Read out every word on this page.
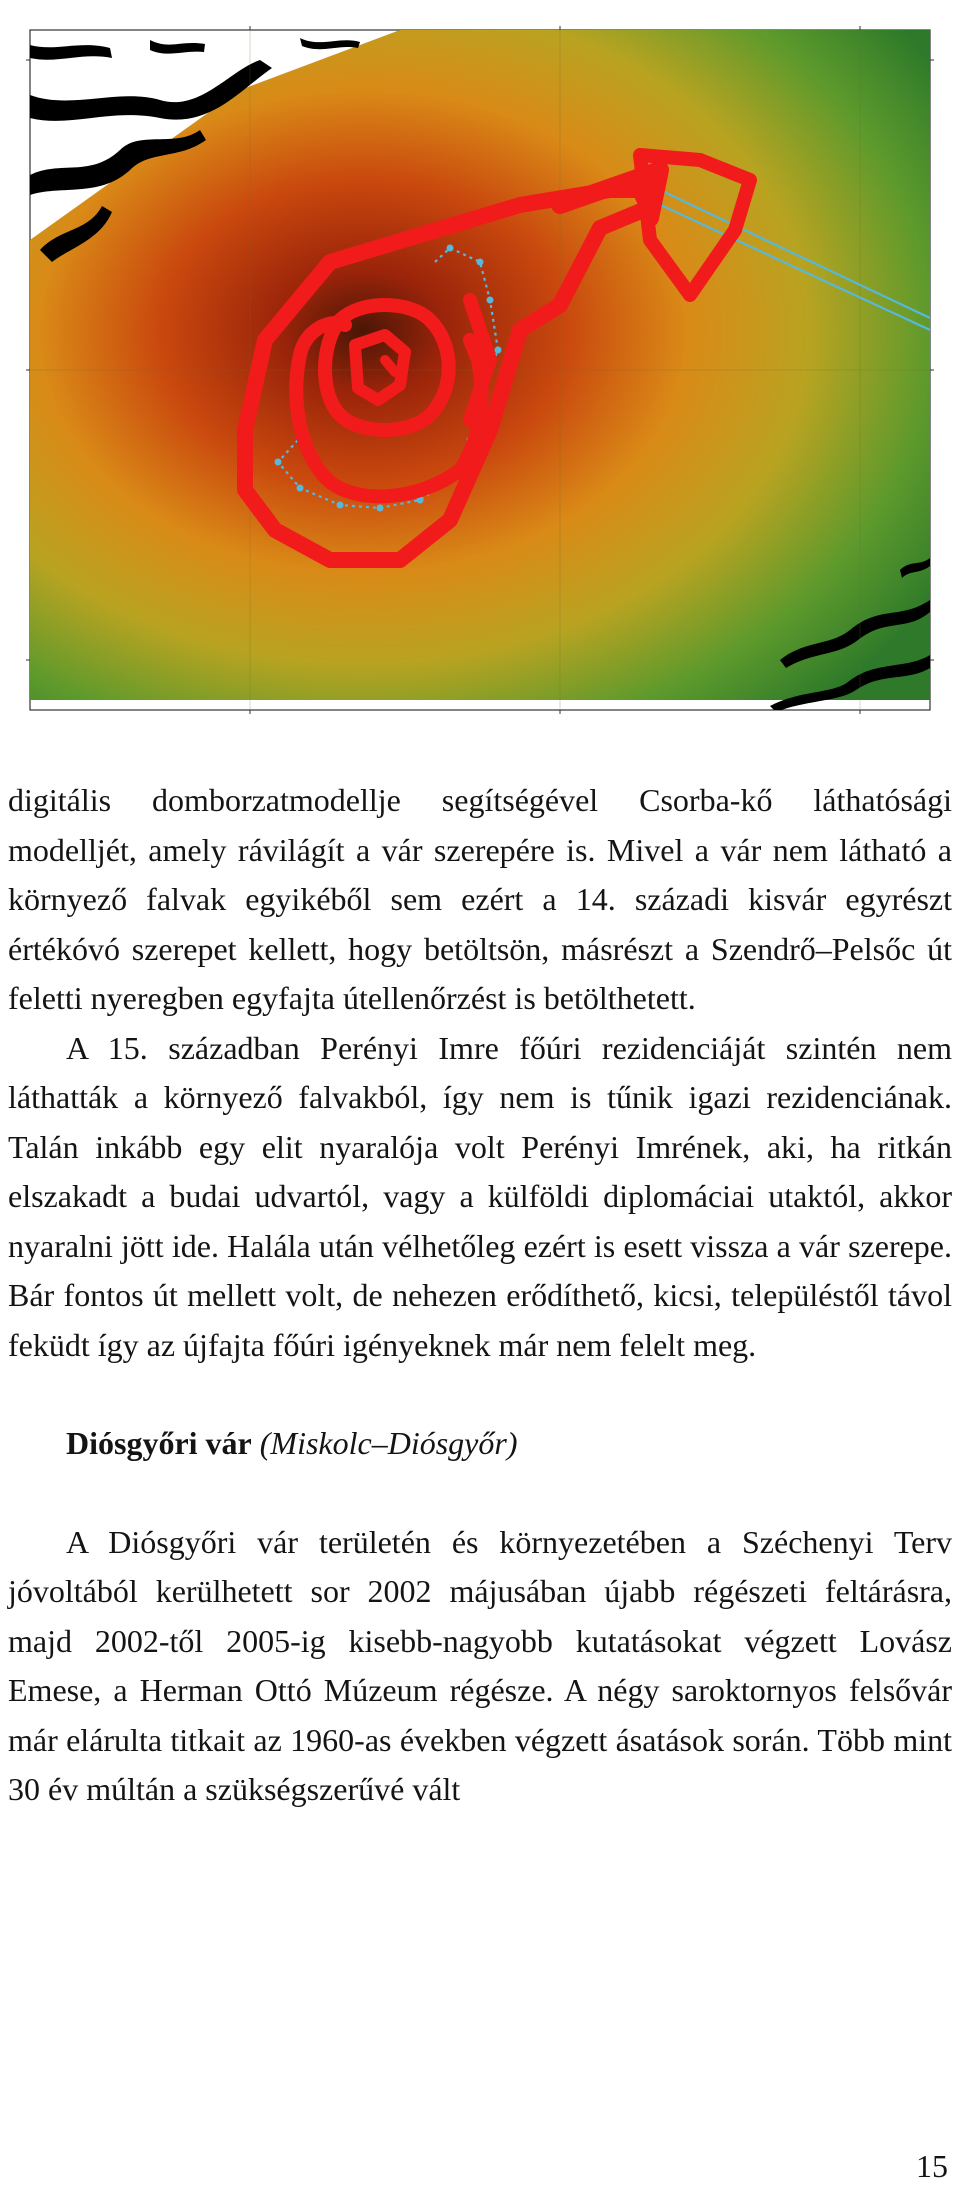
digitális domborzatmodellje segítségével Csorba-kő láthatósági modelljét, amely rávilágít a vár szerepére is. Mivel a vár nem látható a környező falvak egyikéből sem ezért a 14. századi kisvár egyrészt értékóvó szerepet kellett, hogy betöltsön, másrészt a Szendrő–Pelsőc út feletti nyeregben egyfajta útellenőrzést is betölthetett.

A 15. században Perényi Imre főúri rezidenciáját szintén nem láthatták a környező falvakból, így nem is tűnik igazi rezidenciának. Talán inkább egy elit nyaralója volt Perényi Imrének, aki, ha ritkán elszakadt a budai udvartól, vagy a külföldi diplomáciai utaktól, akkor nyaralni jött ide. Halála után vélhetőleg ezért is esett vissza a vár szerepe. Bár fontos út mellett volt, de nehezen erődíthető, kicsi, településtől távol feküdt így az újfajta főúri igényeknek már nem felelt meg.

Diósgyőri vár (Miskolc–Diósgyőr)

A Diósgyőri vár területén és környezetében a Széchenyi Terv jóvoltából kerülhetett sor 2002 májusában újabb régészeti feltárásra, majd 2002-től 2005-ig kisebb-nagyobb kutatásokat végzett Lovász Emese, a Herman Ottó Múzeum régésze. A négy saroktornyos felsővár már elárulta titkait az 1960-as években végzett ásatások során. Több mint 30 év múltán a szükségszerűvé vált

15
